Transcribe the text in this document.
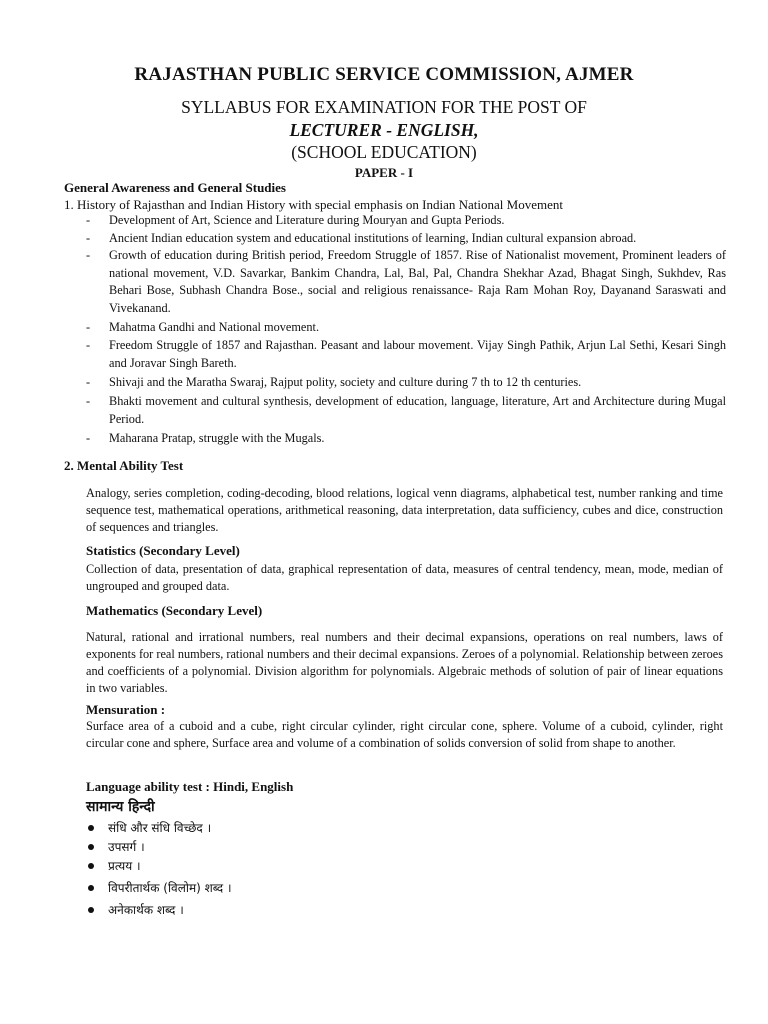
RAJASTHAN PUBLIC SERVICE COMMISSION, AJMER
SYLLABUS FOR EXAMINATION FOR THE POST OF
LECTURER - ENGLISH,
(SCHOOL EDUCATION)
PAPER - I
General Awareness and General Studies
1. History of Rajasthan and Indian History with special emphasis on Indian National Movement
- Development of Art, Science and Literature during Mouryan and Gupta Periods.
- Ancient Indian education system and educational institutions of learning, Indian cultural expansion abroad.
- Growth of education during British period, Freedom Struggle of 1857. Rise of Nationalist movement, Prominent leaders of national movement, V.D. Savarkar, Bankim Chandra, Lal, Bal, Pal, Chandra Shekhar Azad, Bhagat Singh, Sukhdev, Ras Behari Bose, Subhash Chandra Bose., social and religious renaissance- Raja Ram Mohan Roy, Dayanand Saraswati and Vivekanand.
- Mahatma Gandhi and National movement.
- Freedom Struggle of 1857 and Rajasthan. Peasant and labour movement. Vijay Singh Pathik, Arjun Lal Sethi, Kesari Singh and Joravar Singh Bareth.
- Shivaji and the Maratha Swaraj, Rajput polity, society and culture during 7 th to 12 th centuries.
- Bhakti movement and cultural synthesis, development of education, language, literature, Art and Architecture during Mugal Period.
- Maharana Pratap, struggle with the Mugals.
2. Mental Ability Test
Analogy, series completion, coding-decoding, blood relations, logical venn diagrams, alphabetical test, number ranking and time sequence test, mathematical operations, arithmetical reasoning, data interpretation, data sufficiency, cubes and dice, construction of sequences and triangles.
Statistics (Secondary Level)
Collection of data, presentation of data, graphical representation of data, measures of central tendency, mean, mode, median of ungrouped and grouped data.
Mathematics (Secondary Level)
Natural, rational and irrational numbers, real numbers and their decimal expansions, operations on real numbers, laws of exponents for real numbers, rational numbers and their decimal expansions. Zeroes of a polynomial. Relationship between zeroes and coefficients of a polynomial. Division algorithm for polynomials. Algebraic methods of solution of pair of linear equations in two variables.
Mensuration :
Surface area of a cuboid and a cube, right circular cylinder, right circular cone, sphere. Volume of a cuboid, cylinder, right circular cone and sphere, Surface area and volume of a combination of solids conversion of solid from shape to another.
Language ability test : Hindi, English
सामान्य हिन्दी
संधि और संधि विच्छेद ।
उपसर्ग ।
प्रत्यय ।
विपरीतार्थक (विलोम) शब्द ।
अनेकार्थक शब्द ।
